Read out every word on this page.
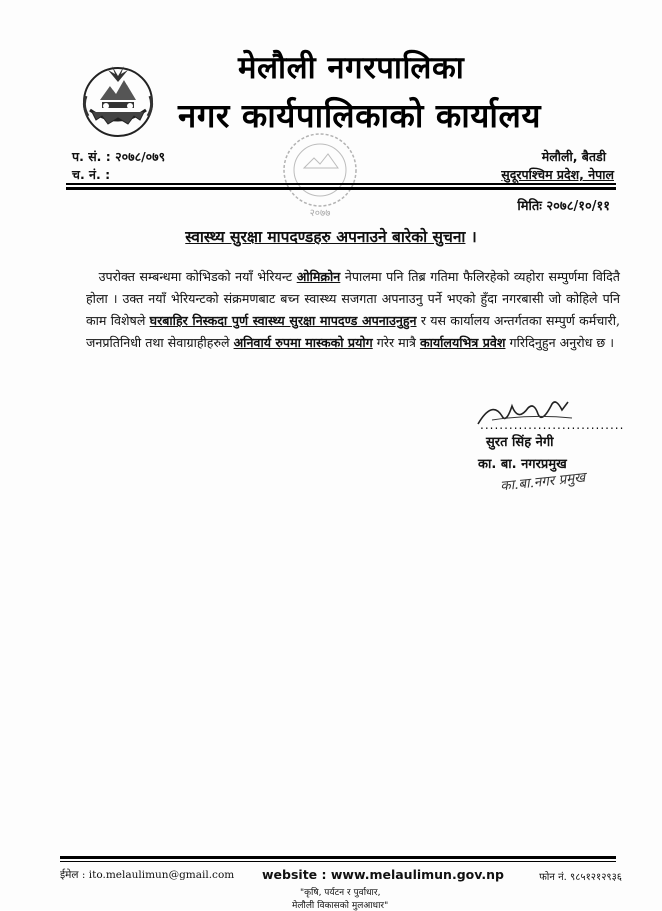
मेलौली नगरपालिका
नगर कार्यपालिकाको कार्यालय
प. सं. : २०७८/०७९
च. नं. :
मेलौली, बैतडी
सुदूरपश्चिम प्रदेश, नेपाल
२०७७	मितिः २०७८/१०/११
स्वास्थ्य सुरक्षा मापदण्डहरु अपनाउने बारेको सुचना ।
 उपरोक्त सम्बन्धमा कोभिडको नयाँ भेरियन्ट ओमिक्रोन नेपालमा पनि तिब्र गतिमा फैलिरहेको व्यहोरा सम्पुर्णमा विदितै होला । उक्त नयाँ भेरियन्टको संक्रमणबाट बच्न स्वास्थ्य सजगता अपनाउनु पर्ने भएको हुँदा नगरबासी जो कोहिले पनि काम विशेषले घरबाहिर निस्कदा पुर्ण स्वास्थ्य सुरक्षा मापदण्ड अपनाउनुहुन र यस कार्यालय अन्तर्गतका सम्पुर्ण कर्मचारी, जनप्रतिनिधी तथा सेवाग्राहीहरुले अनिवार्य रुपमा मास्कको प्रयोग गरेर मात्रै कार्यालयभित्र प्रवेश गरिदिनुहुन अनुरोध छ ।
..............................
सुरत सिंह नेगी
का. बा. नगरप्रमुख
का.बा.नगर प्रमुख
ईमेल : ito.melaulimun@gmail.com website : www.melaulimun.gov.np	फोन नं. ९८५१२१२९३६
"कृषि, पर्यटन र पुर्वाधार,
मेलौली विकासको मुलआधार"
